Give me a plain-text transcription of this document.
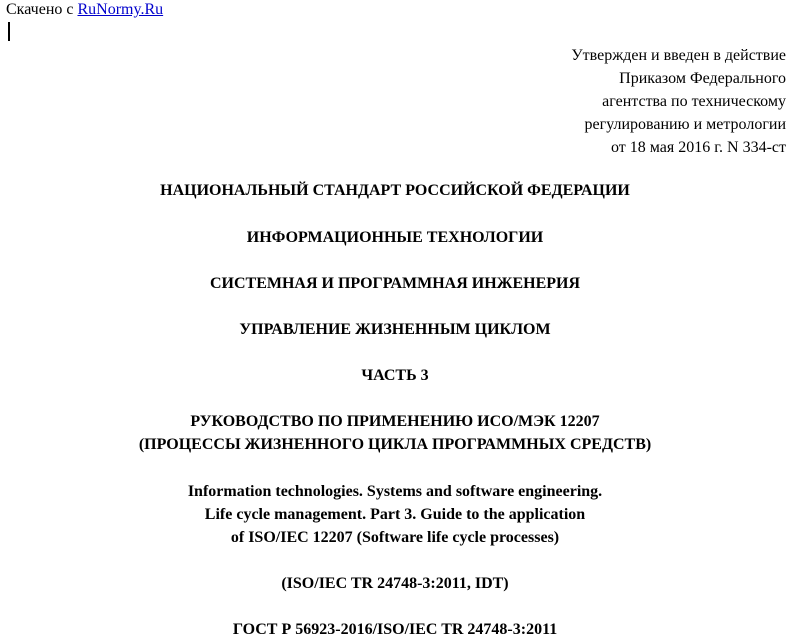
Скачено с RuNormy.Ru
Утвержден и введен в действие
Приказом Федерального
агентства по техническому
регулированию и метрологии
от 18 мая 2016 г. N 334-ст
НАЦИОНАЛЬНЫЙ СТАНДАРТ РОССИЙСКОЙ ФЕДЕРАЦИИ
ИНФОРМАЦИОННЫЕ ТЕХНОЛОГИИ
СИСТЕМНАЯ И ПРОГРАММНАЯ ИНЖЕНЕРИЯ
УПРАВЛЕНИЕ ЖИЗНЕННЫМ ЦИКЛОМ
ЧАСТЬ 3
РУКОВОДСТВО ПО ПРИМЕНЕНИЮ ИСО/МЭК 12207
(ПРОЦЕССЫ ЖИЗНЕННОГО ЦИКЛА ПРОГРАММНЫХ СРЕДСТВ)
Information technologies. Systems and software engineering.
Life cycle management. Part 3. Guide to the application
of ISO/IEC 12207 (Software life cycle processes)
(ISO/IEC TR 24748-3:2011, IDT)
ГОСТ Р 56923-2016/ISO/IEC TR 24748-3:2011
